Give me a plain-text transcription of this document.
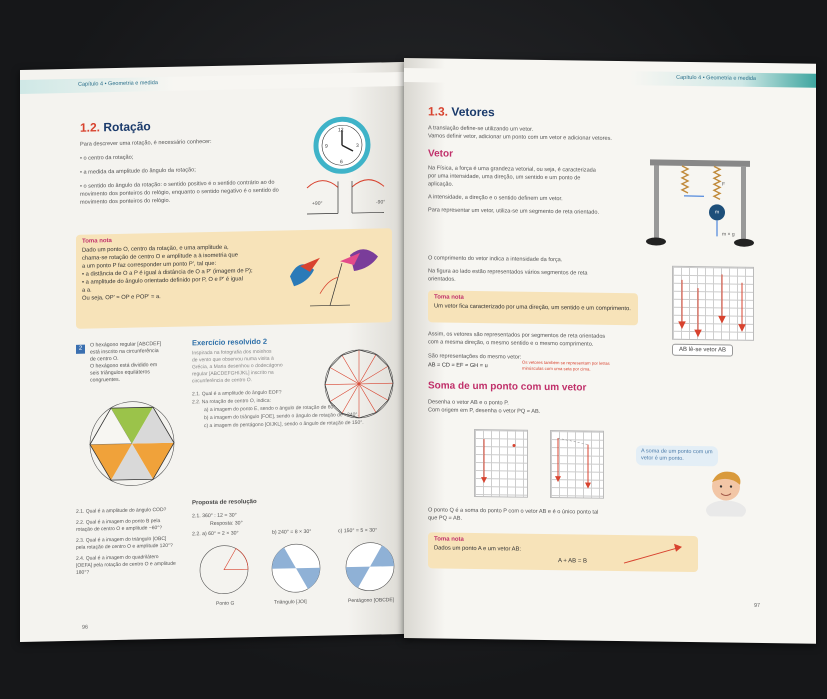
Capítulo 4 • Geometria e medida
1.2. Rotação
Para descrever uma rotação, é necessário conhecer:
• o centro da rotação;
• a medida da amplitude do ângulo da rotação;
• o sentido do ângulo da rotação: o sentido positivo é o sentido contrário ao do movimento dos ponteiros do relógio, enquanto o sentido negativo é o sentido do movimento dos ponteiros do relógio.
12
3
6
9
+90°	-90°
Toma nota
Dado um ponto O, centro da rotação, e uma amplitude a,
chama-se rotação de centro O e amplitude a à isometria que
a um ponto P faz corresponder um ponto P', tal que:
• a distância de O a P é igual à distância de O a P' (imagem de P);
• a amplitude do ângulo orientado definido por P, O e P' é igual
a a.
Ou seja, OP' = OP e POP' = a.
2
O hexágono regular [ABCDEF]
está inscrito na circunferência
de centro O.
O hexágono está dividido em
seis triângulos equiláteros
congruentes.
Exercício resolvido 2
Inspirada na fotografia dos moinhos
de vento que observou numa visita à
Grécia, a Maria desenhou o dodecágono
regular [ABCDEFGHIJKL] inscrito na
circunferência de centro O.
2.1. Qual é a amplitude do ângulo EOF?
2.2. Na rotação de centro O, indica:
a) a imagem do ponto E, sendo o ângulo de rotação de 60°.
b) a imagem do triângulo [FOE], sendo o ângulo de rotação de −240°.
c) a imagem do pentágono [OIJKL], sendo o ângulo de rotação de 150°.
2.1. Qual é a amplitude do ângulo COD?
2.2. Qual é a imagem do ponto B pela rotação de centro O e amplitude −60°?
2.3. Qual é a imagem do triângulo [OBC] pela rotação de centro O e amplitude 120°?
2.4. Qual é a imagem do quadrilátero [OEFA] pela rotação de centro O e amplitude 180°?
Proposta de resolução
2.1. 360° : 12 = 30°
Resposta: 30°
2.2. a) 60° = 2 × 30°	b) 240° = 8 × 30°	c) 150° = 5 × 30°
Ponto G	Triângulo [JOI]	Pentágono [OBCDE]
96
Capítulo 4 • Geometria e medida
1.3. Vetores
A translação define-se utilizando um vetor.
Vamos definir vetor, adicionar um ponto com um vetor e adicionar vetores.
Vetor
Na Física, a força é uma grandeza vetorial, ou seja, é caracterizada
por uma intensidade, uma direção, um sentido e um ponto de
aplicação.
A intensidade, a direção e o sentido definem um vetor.
Para representar um vetor, utiliza-se um segmento de reta orientado.
F
m
m × g
O comprimento do vetor indica a intensidade da força.
Na figura ao lado estão representados vários segmentos de reta
orientados.
Toma nota
Um vetor fica caracterizado por uma direção, um sentido e um comprimento.
AB lê-se vetor AB
Assim, os vetores são representados por segmentos de reta orientados
com a mesma direção, o mesmo sentido e o mesmo comprimento.
São representações do mesmo vetor:
AB = CD = EF = GH = u	Os vetores também se representam por letras minúsculas com uma seta por cima.
Soma de um ponto com um vetor
Desenha o vetor AB e o ponto P.
Com origem em P, desenha o vetor PQ = AB.
A soma de um ponto com um vetor é um ponto.
O ponto Q é a soma do ponto P com o vetor AB e é o único ponto tal
que PQ = AB.
Toma nota
Dados um ponto A e um vetor AB:
A + AB = B
97
